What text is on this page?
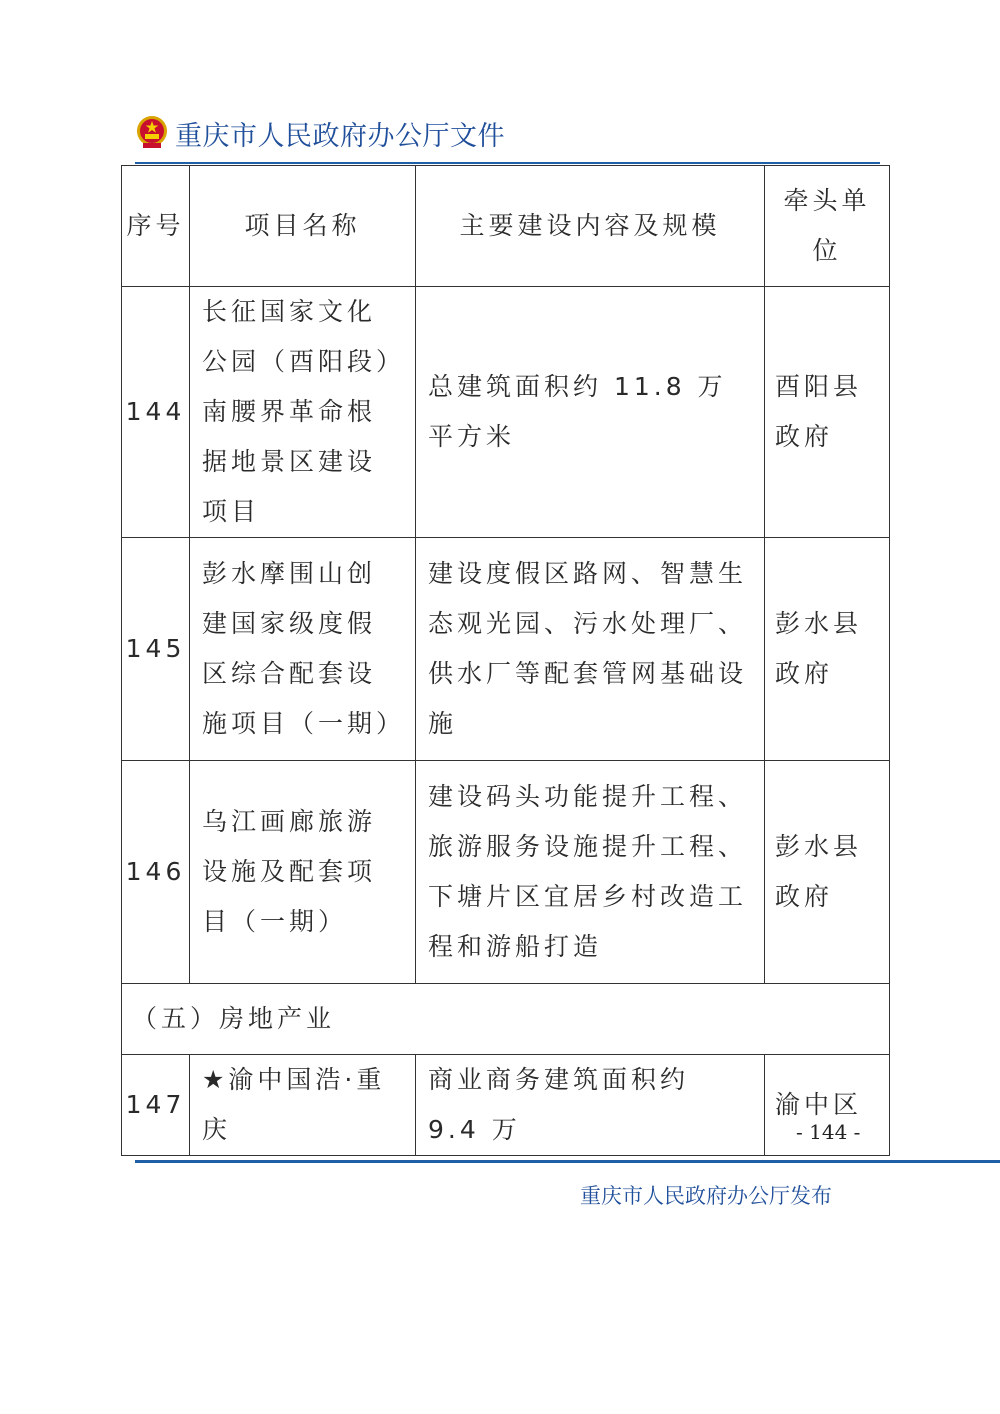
重庆市人民政府办公厅文件
序号	项目名称	主要建设内容及规模	牵头单位
144	长征国家文化公园（酉阳段）南腰界革命根据地景区建设项目	总建筑面积约 11.8 万平方米	酉阳县政府
145	彭水摩围山创建国家级度假区综合配套设施项目（一期）	建设度假区路网、智慧生态观光园、污水处理厂、供水厂等配套管网基础设施	彭水县政府
146	乌江画廊旅游设施及配套项目（一期）	建设码头功能提升工程、旅游服务设施提升工程、下塘片区宜居乡村改造工程和游船打造	彭水县政府
（五）房地产业			
147	★渝中国浩·重庆	商业商务建筑面积约 9.4 万	渝中区
- 144 -
重庆市人民政府办公厅发布
